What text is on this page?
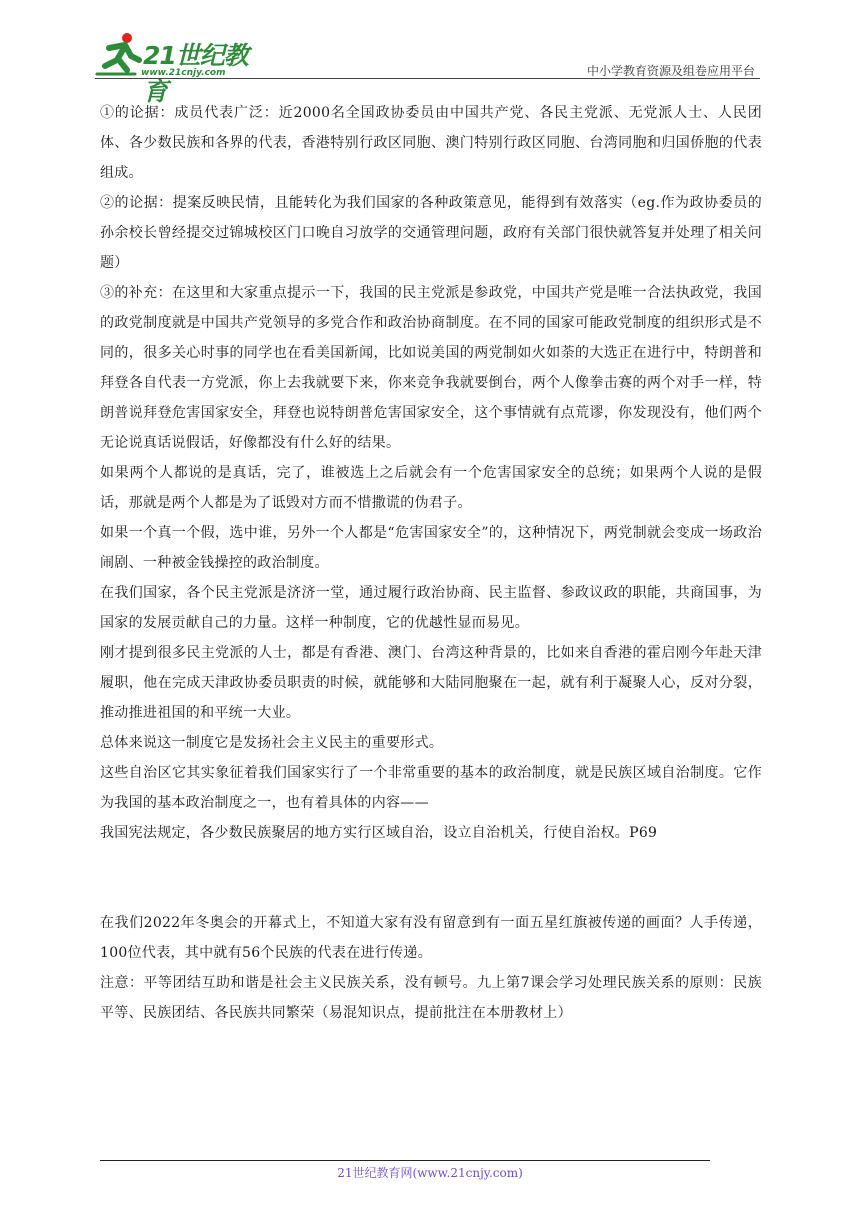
21世纪教育
www.21cnjy.com	中小学教育资源及组卷应用平台

①的论据：成员代表广泛：近2000名全国政协委员由中国共产党、各民主党派、无党派人士、人民团体、各少数民族和各界的代表，香港特别行政区同胞、澳门特别行政区同胞、台湾同胞和归国侨胞的代表组成。

②的论据：提案反映民情，且能转化为我们国家的各种政策意见，能得到有效落实（eg.作为政协委员的孙余校长曾经提交过锦城校区门口晚自习放学的交通管理问题，政府有关部门很快就答复并处理了相关问题）

③的补充：在这里和大家重点提示一下，我国的民主党派是参政党，中国共产党是唯一合法执政党，我国的政党制度就是中国共产党领导的多党合作和政治协商制度。在不同的国家可能政党制度的组织形式是不同的，很多关心时事的同学也在看美国新闻，比如说美国的两党制如火如荼的大选正在进行中，特朗普和拜登各自代表一方党派，你上去我就要下来，你来竞争我就要倒台，两个人像拳击赛的两个对手一样，特朗普说拜登危害国家安全，拜登也说特朗普危害国家安全，这个事情就有点荒谬，你发现没有，他们两个无论说真话说假话，好像都没有什么好的结果。

如果两个人都说的是真话，完了，谁被选上之后就会有一个危害国家安全的总统；如果两个人说的是假话，那就是两个人都是为了诋毁对方而不惜撒谎的伪君子。

如果一个真一个假，选中谁，另外一个人都是“危害国家安全”的，这种情况下，两党制就会变成一场政治闹剧、一种被金钱操控的政治制度。

在我们国家，各个民主党派是济济一堂，通过履行政治协商、民主监督、参政议政的职能，共商国事，为国家的发展贡献自己的力量。这样一种制度，它的优越性显而易见。

刚才提到很多民主党派的人士，都是有香港、澳门、台湾这种背景的，比如来自香港的霍启刚今年赴天津履职，他在完成天津政协委员职责的时候，就能够和大陆同胞聚在一起，就有利于凝聚人心，反对分裂，推动推进祖国的和平统一大业。

总体来说这一制度它是发扬社会主义民主的重要形式。

这些自治区它其实象征着我们国家实行了一个非常重要的基本的政治制度，就是民族区域自治制度。它作为我国的基本政治制度之一，也有着具体的内容——

我国宪法规定，各少数民族聚居的地方实行区域自治，设立自治机关，行使自治权。P69

在我们2022年冬奥会的开幕式上，不知道大家有没有留意到有一面五星红旗被传递的画面？人手传递，100位代表，其中就有56个民族的代表在进行传递。

注意：平等团结互助和谐是社会主义民族关系，没有顿号。九上第7课会学习处理民族关系的原则：民族平等、民族团结、各民族共同繁荣（易混知识点，提前批注在本册教材上）

21世纪教育网(www.21cnjy.com)
